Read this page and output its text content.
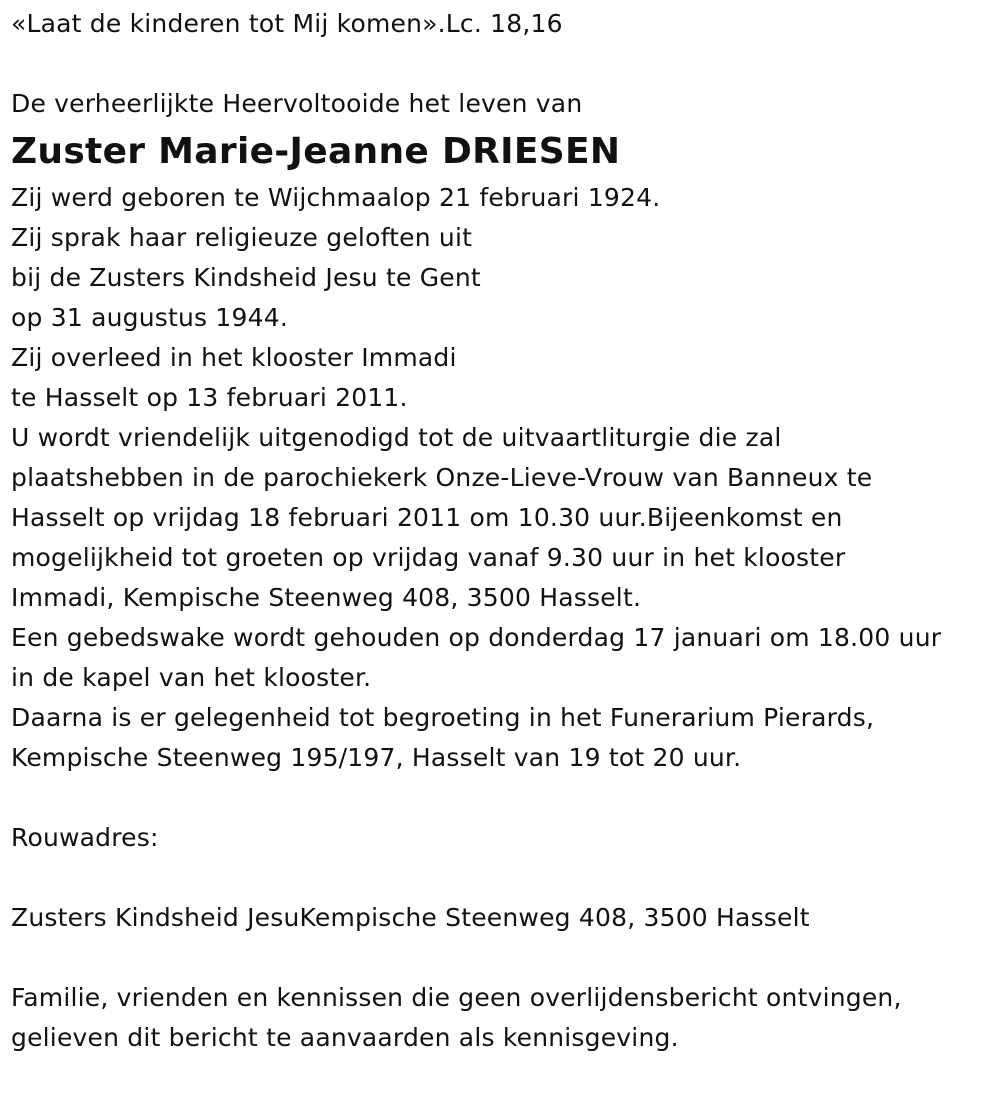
«Laat de kinderen tot Mij komen».Lc. 18,16
De verheerlijkte Heervoltooide het leven van
Zuster Marie-Jeanne DRIESEN
Zij werd geboren te Wijchmaalop 21 februari 1924.
Zij sprak haar religieuze geloften uit
bij de Zusters Kindsheid Jesu te Gent
op 31 augustus 1944.
Zij overleed in het klooster Immadi
te Hasselt op 13 februari 2011.
U wordt vriendelijk uitgenodigd tot de uitvaartliturgie die zal
plaatshebben in de parochiekerk Onze-Lieve-Vrouw van Banneux te
Hasselt op vrijdag 18 februari 2011 om 10.30 uur.Bijeenkomst en
mogelijkheid tot groeten op vrijdag vanaf 9.30 uur in het klooster
Immadi, Kempische Steenweg 408, 3500 Hasselt.
Een gebedswake wordt gehouden op donderdag 17 januari om 18.00 uur
in de kapel van het klooster.
Daarna is er gelegenheid tot begroeting in het Funerarium Pierards,
Kempische Steenweg 195/197, Hasselt van 19 tot 20 uur.
Rouwadres:
Zusters Kindsheid JesuKempische Steenweg 408, 3500 Hasselt
Familie, vrienden en kennissen die geen overlijdensbericht ontvingen,
gelieven dit bericht te aanvaarden als kennisgeving.
